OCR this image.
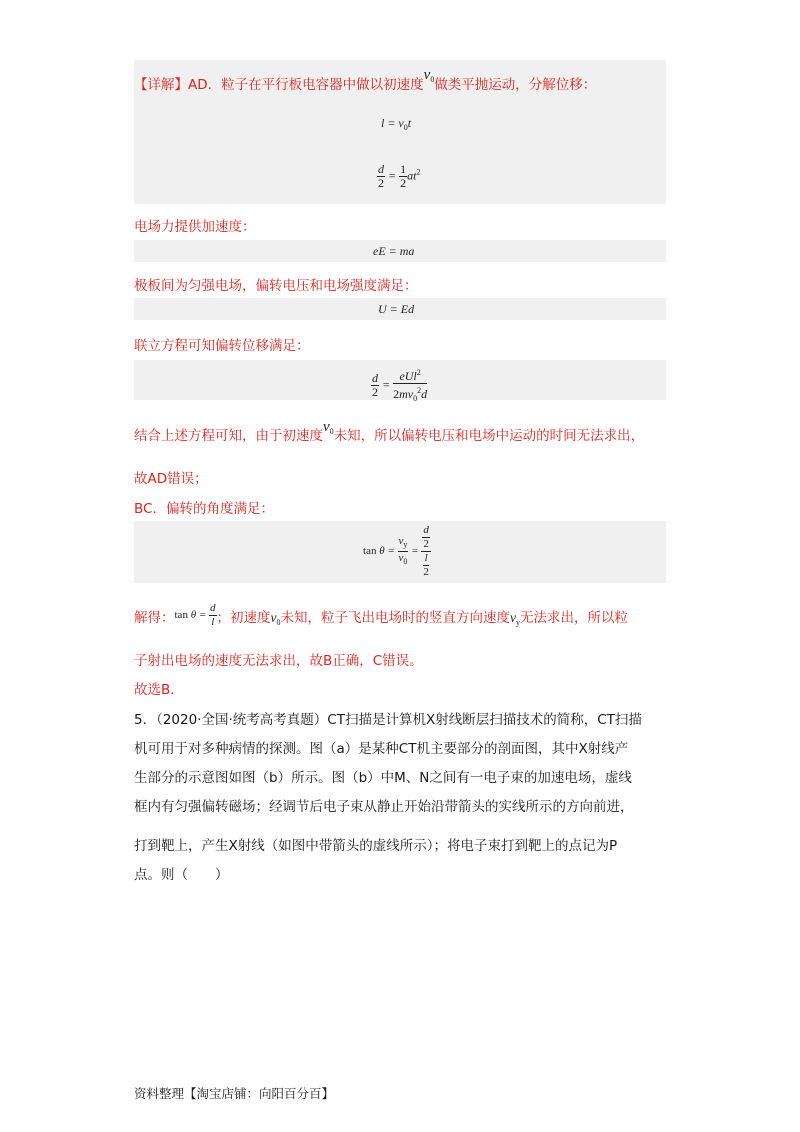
【详解】AD．粒子在平行板电容器中做以初速度$v_0$做类平抛运动，分解位移：
$l = v_0t$
$\frac{d}{2} = \frac{1}{2} at^2$
电场力提供加速度：
eE = ma
极板间为匀强电场，偏转电压和电场强度满足：
U = Ed
联立方程可知偏转位移满足：
$\frac{d}{2}$ =
eUl$^2$
$2mv_0^2d$
结合上述方程可知，由于初速度$v_0$未知，所以偏转电压和电场中运动的时间无法求出，
故AD错误；
BC．偏转的角度满足：
$\tan \theta = \frac{v_y}{v_0} = \frac{\frac{d}{2}}{\frac{l}{2}}$
解得：$^{tan \theta = \frac{d}{l}}$ ；初速度$v_0$未知，粒子飞出电场时的竖直方向速度$v_y$无法求出，所以粒
子射出电场的速度无法求出，故B正确，C错误。
故选B．
5．（2020·全国·统考高考真题）CT扫描是计算机X射线断层扫描技术的简称，CT扫描
机可用于对多种病情的探测。图（a）是某种CT机主要部分的剖面图，其中X射线产
生部分的示意图如图（b）所示。图（b）中M、N之间有一电子束的加速电场，虚线
框内有匀强偏转磁场；经调节后电子束从静止开始沿带箭头的实线所示的方向前进，
打到靶上，产生X射线（如图中带箭头的虚线所示）；将电子束打到靶上的点记为P
点。则（　　）
资料整理【淘宝店铺：向阳百分百】
